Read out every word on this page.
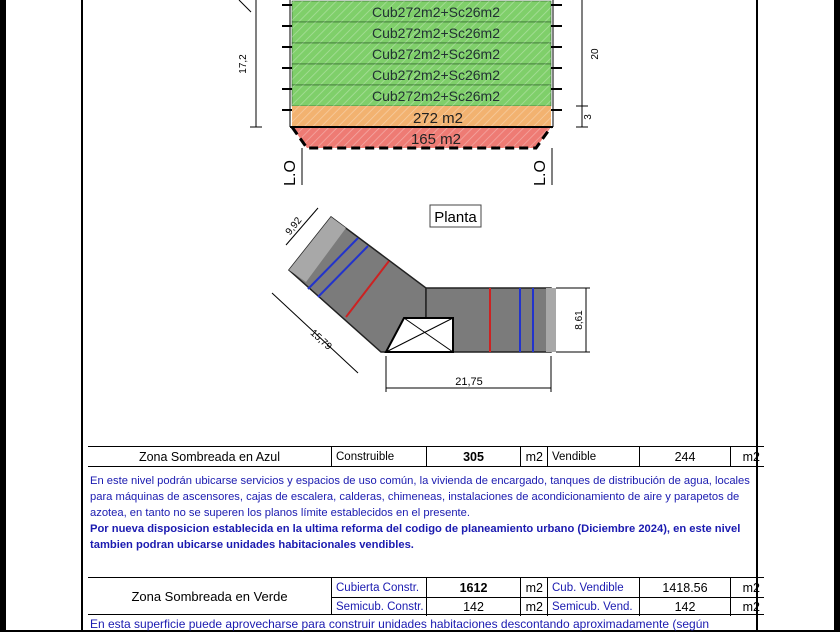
Cub272m2+Sc26m2
Cub272m2+Sc26m2
Cub272m2+Sc26m2
Cub272m2+Sc26m2
Cub272m2+Sc26m2
272 m2
165 m2
17,2
20
3
L.O	L.O
Planta
9,92
15,79
21,75
8,61
Zona Sombreada en Azul	Construible	305	m2 Vendible	244	m2
En este nivel podrán ubicarse servicios y espacios de uso común, la vivienda de encargado, tanques de distribución de agua, locales para máquinas de ascensores, cajas de escalera, calderas, chimeneas, instalaciones de acondicionamiento de aire y parapetos de azotea, en tanto no se superen los planos límite establecidos en el presente.
Por nueva disposicion establecida en la ultima reforma del codigo de planeamiento urbano (Diciembre 2024), en este nivel tambien podran ubicarse unidades habitacionales vendibles.
Zona Sombreada en Verde
Cubierta Constr.	1612	m2 Cub. Vendible	1418.56	m2
Semicub. Constr.	142	m2 Semicub. Vend.	142	m2
En esta superficie puede aprovecharse para construir unidades habitaciones descontando aproximadamente (según
